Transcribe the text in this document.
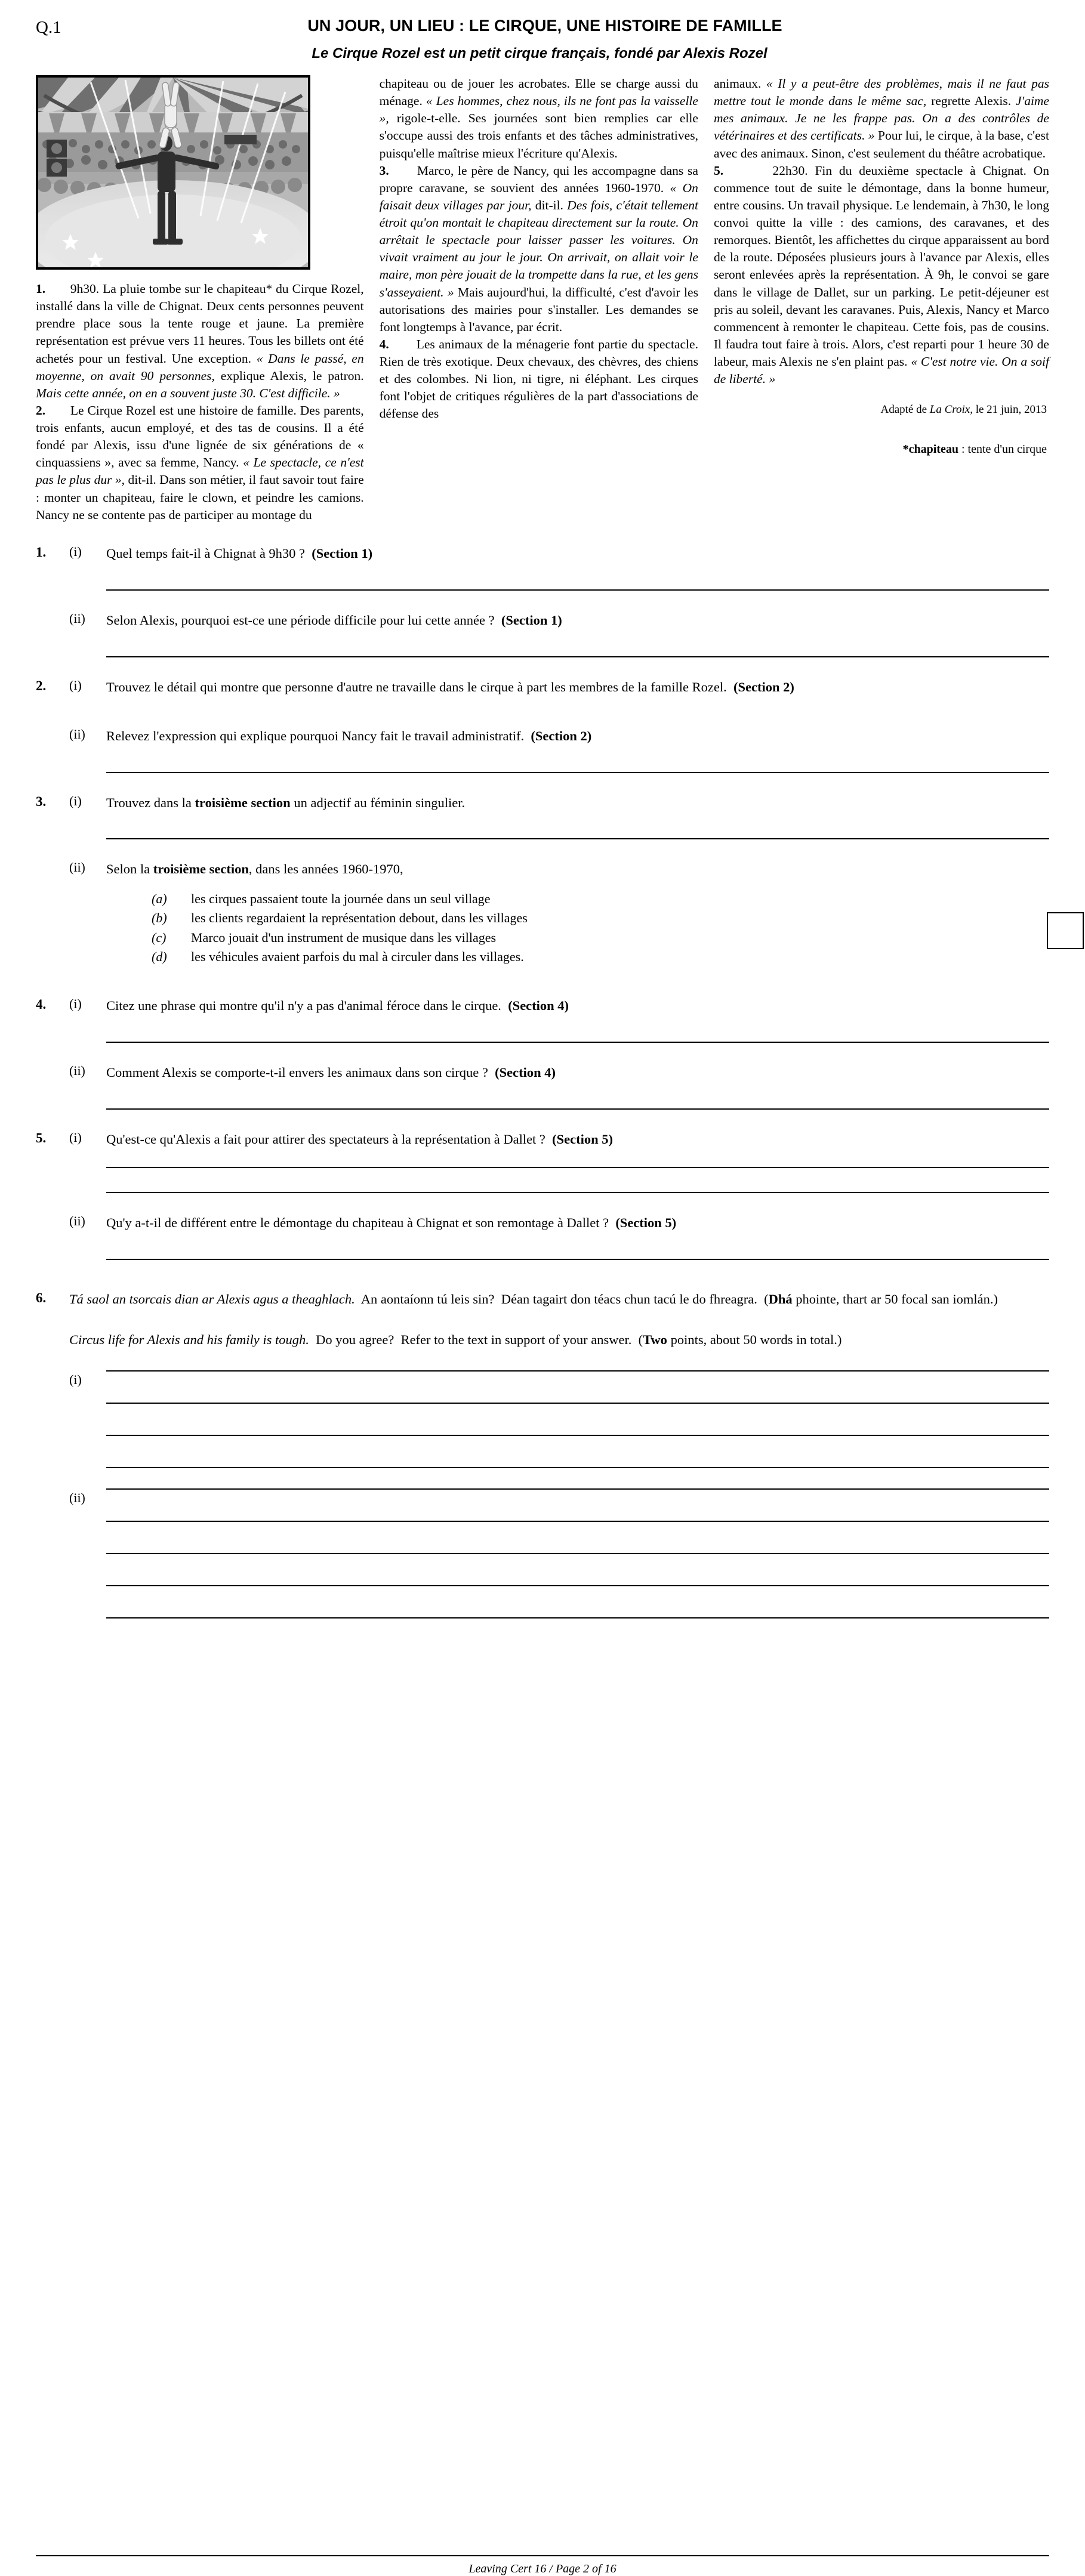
Q.1	UN JOUR, UN LIEU : LE CIRQUE, UNE HISTOIRE DE FAMILLE
Le Cirque Rozel est un petit cirque français, fondé par Alexis Rozel

1. 9h30. La pluie tombe sur le chapiteau* du Cirque Rozel, installé dans la ville de Chignat. Deux cents personnes peuvent prendre place sous la tente rouge et jaune. La première représentation est prévue vers 11 heures. Tous les billets ont été achetés pour un festival. Une exception. « Dans le passé, en moyenne, on avait 90 personnes, explique Alexis, le patron. Mais cette année, on en a souvent juste 30. C'est difficile. »

2. Le Cirque Rozel est une histoire de famille. Des parents, trois enfants, aucun employé, et des tas de cousins. Il a été fondé par Alexis, issu d'une lignée de six générations de « cinquassiens », avec sa femme, Nancy. « Le spectacle, ce n'est pas le plus dur », dit-il. Dans son métier, il faut savoir tout faire : monter un chapiteau, faire le clown, et peindre les camions. Nancy ne se contente pas de participer au montage du

chapiteau ou de jouer les acrobates. Elle se charge aussi du ménage. « Les hommes, chez nous, ils ne font pas la vaisselle », rigole-t-elle. Ses journées sont bien remplies car elle s'occupe aussi des trois enfants et des tâches administratives, puisqu'elle maîtrise mieux l'écriture qu'Alexis.

3. Marco, le père de Nancy, qui les accompagne dans sa propre caravane, se souvient des années 1960-1970. « On faisait deux villages par jour, dit-il. Des fois, c'était tellement étroit qu'on montait le chapiteau directement sur la route. On arrêtait le spectacle pour laisser passer les voitures. On vivait vraiment au jour le jour. On arrivait, on allait voir le maire, mon père jouait de la trompette dans la rue, et les gens s'asseyaient. » Mais aujourd'hui, la difficulté, c'est d'avoir les autorisations des mairies pour s'installer. Les demandes se font longtemps à l'avance, par écrit.

4. Les animaux de la ménagerie font partie du spectacle. Rien de très exotique. Deux chevaux, des chèvres, des chiens et des colombes. Ni lion, ni tigre, ni éléphant. Les cirques font l'objet de critiques régulières de la part d'associations de défense des

animaux. « Il y a peut-être des problèmes, mais il ne faut pas mettre tout le monde dans le même sac, regrette Alexis. J'aime mes animaux. Je ne les frappe pas. On a des contrôles de vétérinaires et des certificats. » Pour lui, le cirque, à la base, c'est avec des animaux. Sinon, c'est seulement du théâtre acrobatique.

5.	22h30. Fin du deuxième spectacle à Chignat. On commence tout de suite le démontage, dans la bonne humeur, entre cousins. Un travail physique. Le lendemain, à 7h30, le long convoi quitte la ville : des camions, des caravanes, et des remorques. Bientôt, les affichettes du cirque apparaissent au bord de la route. Déposées plusieurs jours à l'avance par Alexis, elles seront enlevées après la représentation. À 9h, le convoi se gare dans le village de Dallet, sur un parking. Le petit-déjeuner est pris au soleil, devant les caravanes. Puis, Alexis, Nancy et Marco commencent à remonter le chapiteau. Cette fois, pas de cousins. Il faudra tout faire à trois. Alors, c'est reparti pour 1 heure 30 de labeur, mais Alexis ne s'en plaint pas. « C'est notre vie. On a soif de liberté. »

Adapté de La Croix, le 21 juin, 2013
*chapiteau : tente d'un cirque
1.	(i)	Quel temps fait-il à Chignat à 9h30 ?  (Section 1)
(ii)	Selon Alexis, pourquoi est-ce une période difficile pour lui cette année ?  (Section 1)
2.	(i)	Trouvez le détail qui montre que personne d'autre ne travaille dans le cirque à part les membres de la famille Rozel.  (Section 2)
(ii)	Relevez l'expression qui explique pourquoi Nancy fait le travail administratif.  (Section 2)
3.	(i)	Trouvez dans la troisième section un adjectif au féminin singulier.
(ii)	Selon la troisième section, dans les années 1960-1970,
(a)	les cirques passaient toute la journée dans un seul village
(b)	les clients regardaient la représentation debout, dans les villages
(c)	Marco jouait d'un instrument de musique dans les villages
(d)	les véhicules avaient parfois du mal à circuler dans les villages.
4.	(i)	Citez une phrase qui montre qu'il n'y a pas d'animal féroce dans le cirque.  (Section 4)
(ii)	Comment Alexis se comporte-t-il envers les animaux dans son cirque ?  (Section 4)
5.	(i)	Qu'est-ce qu'Alexis a fait pour attirer des spectateurs à la représentation à Dallet ?  (Section 5)
(ii)	Qu'y a-t-il de différent entre le démontage du chapiteau à Chignat et son remontage à Dallet ?  (Section 5)
6.	Tá saol an tsorcais dian ar Alexis agus a theaghlach.  An aontaíonn tú leis sin?  Déan tagairt don téacs chun tacú le do fhreagra.  (Dhá phointe, thart ar 50 focal san iomlán.)
Circus life for Alexis and his family is tough.  Do you agree?  Refer to the text in support of your answer.  (Two points, about 50 words in total.)
(i)
(ii)
Leaving Cert 16 / Page 2 of 16
